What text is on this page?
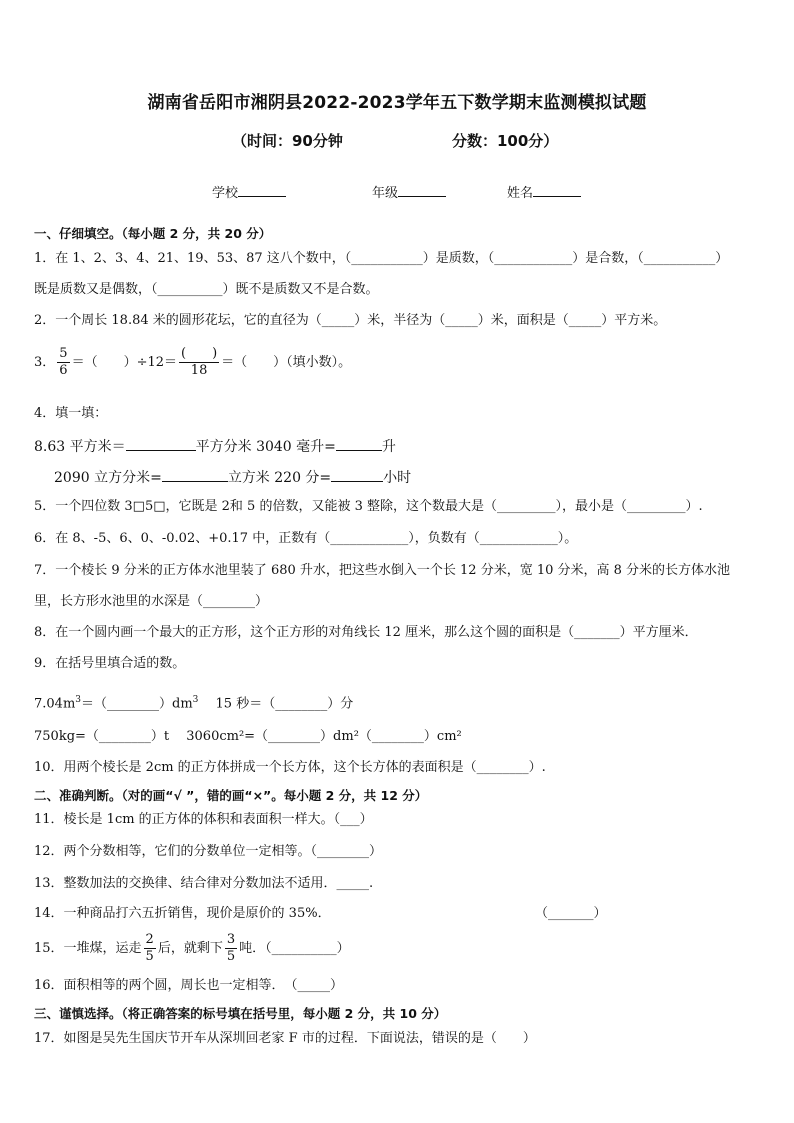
湖南省岳阳市湘阴县2022-2023学年五下数学期末监测模拟试题
（时间：90分钟	分数：100分）
学校	年级	姓名
一、仔细填空。（每小题 2 分，共 20 分）
1．在 1、2、3、4、21、19、53、87 这八个数中，（___________）是质数，（____________）是合数，（___________）
既是质数又是偶数，（__________）既不是质数又不是合数。
2．一个周长 18.84 米的圆形花坛，它的直径为（_____）米，半径为（_____）米，面积是（_____）平方米。
3． $\frac{5}{6}$ ＝（　　）$\div 12= \frac{( )}{18}$ ＝（　　）（填小数）。
4．填一填：
8.63 平方米＝	平方分米 3040 毫升=	升
2090 立方分米=	立方米 220 分=	小时
5．一个四位数 3□5□，它既是 2和 5 的倍数，又能被 3 整除，这个数最大是（_________），最小是（_________）.
6．在 8、-5、6、0、-0.02、+0.17 中，正数有（____________），负数有（____________）。
7．一个棱长 9 分米的正方体水池里装了 680 升水，把这些水倒入一个长 12 分米，宽 10 分米，高 8 分米的长方体水池
里，长方形水池里的水深是（________）
8．在一个圆内画一个最大的正方形，这个正方形的对角线长 12 厘米，那么这个圆的面积是（_______）平方厘米．
9．在括号里填合适的数。
$7.04m^3=(\_\_\_\_\_\_\_\_)dm^3$　 15 秒＝（________）分
750kg=（________）t　 3060cm²=（________）dm²（________）cm²
10．用两个棱长是 2cm 的正方体拼成一个长方体，这个长方体的表面积是（________）.
二、准确判断。（对的画“√ ”，错的画“×”。每小题 2 分，共 12 分）
11．棱长是 1cm 的正方体的体积和表面积一样大。（___）
12．两个分数相等，它们的分数单位一定相等。（________）
13．整数加法的交换律、结合律对分数加法不适用．_____.
14．一种商品打六五折销售，现价是原价的 35%．	（_______）
15．一堆煤，运走 $\frac{2}{5}$ 后，就剩下 $\frac{3}{5}$ 吨．（__________）
16．面积相等的两个圆，周长也一定相等．　（_____）
三、谨慎选择。（将正确答案的标号填在括号里，每小题 2 分，共 10 分）
17．如图是吴先生国庆节开车从深圳回老家 F 市的过程．下面说法，错误的是（　　）
